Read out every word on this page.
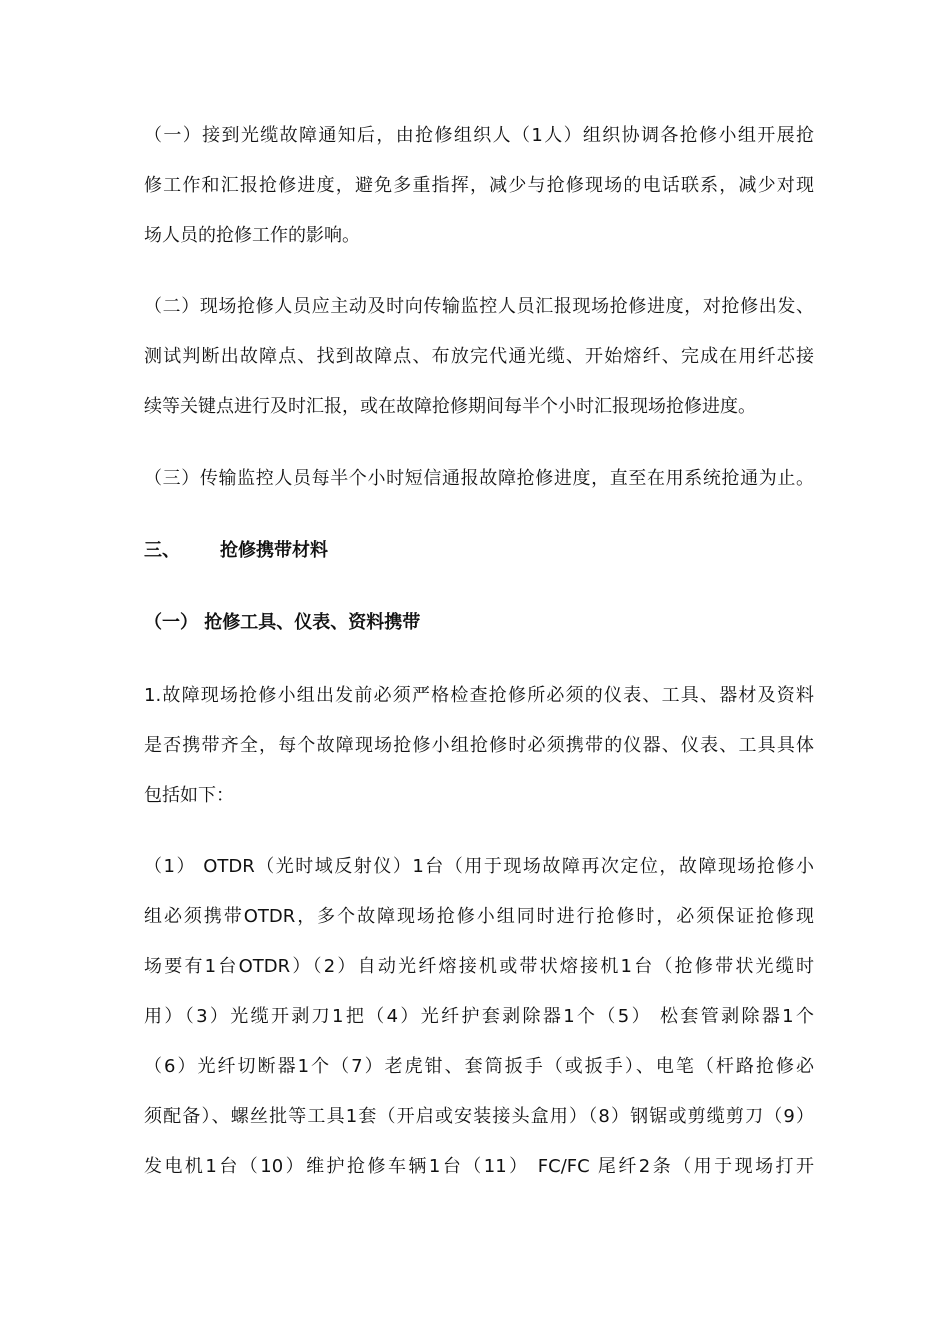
（一）接到光缆故障通知后，由抢修组织人（1人）组织协调各抢修小组开展抢
修工作和汇报抢修进度，避免多重指挥，减少与抢修现场的电话联系，减少对现
场人员的抢修工作的影响。
（二）现场抢修人员应主动及时向传输监控人员汇报现场抢修进度，对抢修出发、
测试判断出故障点、找到故障点、布放完代通光缆、开始熔纤、完成在用纤芯接
续等关键点进行及时汇报，或在故障抢修期间每半个小时汇报现场抢修进度。
（三）传输监控人员每半个小时短信通报故障抢修进度，直至在用系统抢通为止。
三、 抢修携带材料
（一） 抢修工具、仪表、资料携带
1.故障现场抢修小组出发前必须严格检查抢修所必须的仪表、工具、器材及资料
是否携带齐全，每个故障现场抢修小组抢修时必须携带的仪器、仪表、工具具体
包括如下：
（1） OTDR（光时域反射仪）1台（用于现场故障再次定位，故障现场抢修小
组必须携带OTDR，多个故障现场抢修小组同时进行抢修时，必须保证抢修现
场要有1台OTDR）（2）自动光纤熔接机或带状熔接机1台（抢修带状光缆时
用）（3）光缆开剥刀1把（4）光纤护套剥除器1个（5） 松套管剥除器1个
（6）光纤切断器1个（7）老虎钳、套筒扳手（或扳手）、电笔（杆路抢修必
须配备）、螺丝批等工具1套（开启或安装接头盒用）（8）钢锯或剪缆剪刀（9）
发电机1台（10）维护抢修车辆1台（11） FC/FC 尾纤2条（用于现场打开
